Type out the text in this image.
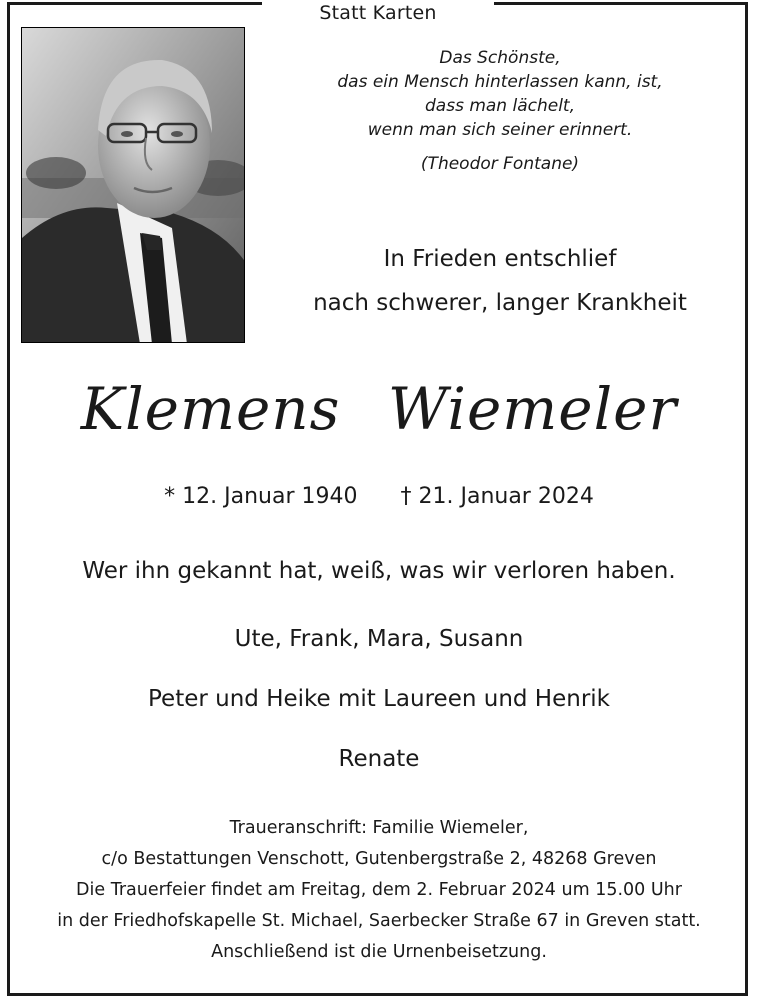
Statt Karten
Das Schönste,
das ein Mensch hinterlassen kann, ist,
dass man lächelt,
wenn man sich seiner erinnert.
(Theodor Fontane)
In Frieden entschlief
nach schwerer, langer Krankheit
Klemens Wiemeler
* 12. Januar 1940 † 21. Januar 2024
Wer ihn gekannt hat, weiß, was wir verloren haben.
Ute, Frank, Mara, Susann
Peter und Heike mit Laureen und Henrik
Renate
Traueranschrift: Familie Wiemeler,
c/o Bestattungen Venschott, Gutenbergstraße 2, 48268 Greven
Die Trauerfeier findet am Freitag, dem 2. Februar 2024 um 15.00 Uhr
in der Friedhofskapelle St. Michael, Saerbecker Straße 67 in Greven statt.
Anschließend ist die Urnenbeisetzung.
